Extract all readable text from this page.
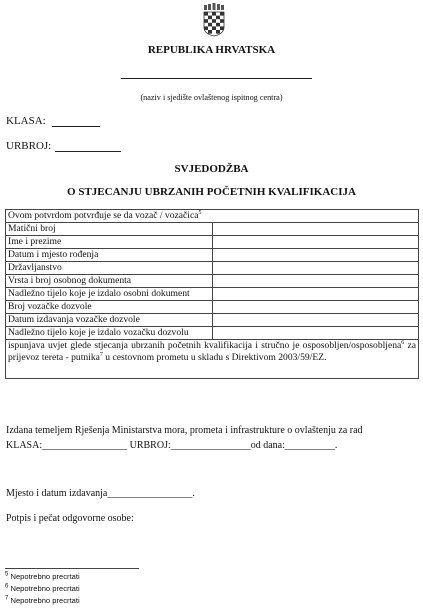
REPUBLIKA HRVATSKA
(naziv i sjedište ovlaštenog ispitnog centra)
KLASA:
URBROJ:
SVJEDODŽBA
O STJECANJU UBRZANIH POČETNIH KVALIFIKACIJA
Ovom potvrdom potvrđuje se da vozač / vozačica$^5$
Matični broj	
Ime i prezime	
Datum i mjesto rođenja	
Državljanstvo	
Vrsta i broj osobnog dokumenta	
Nadležno tijelo koje je izdalo osobni dokument	
Broj vozačke dozvole	
Datum izdavanja vozačke dozvole	
Nadležno tijelo koje je izdalo vozačku dozvolu	
ispunjava uvjet glede stjecanja ubrzanih početnih kvalifikacija i stručno je osposobljen/osposobljena$^6$ za prijevoz tereta - putnika$^7$ u cestovnom prometu u skladu s Direktivom 2003/59/EZ.	
Izdana temeljem Rješenja Ministarstva mora, prometa i infrastrukture o ovlaštenju za rad
KLASA:_________________ URBROJ:________________od dana:__________.
Mjesto i datum izdavanja_________________.
Potpis i pečat odgovorne osobe:
$^5$ Nepotrebno precrtati
$^6$ Nepotrebno precrtati
$^7$ Nepotrebno precrtati
